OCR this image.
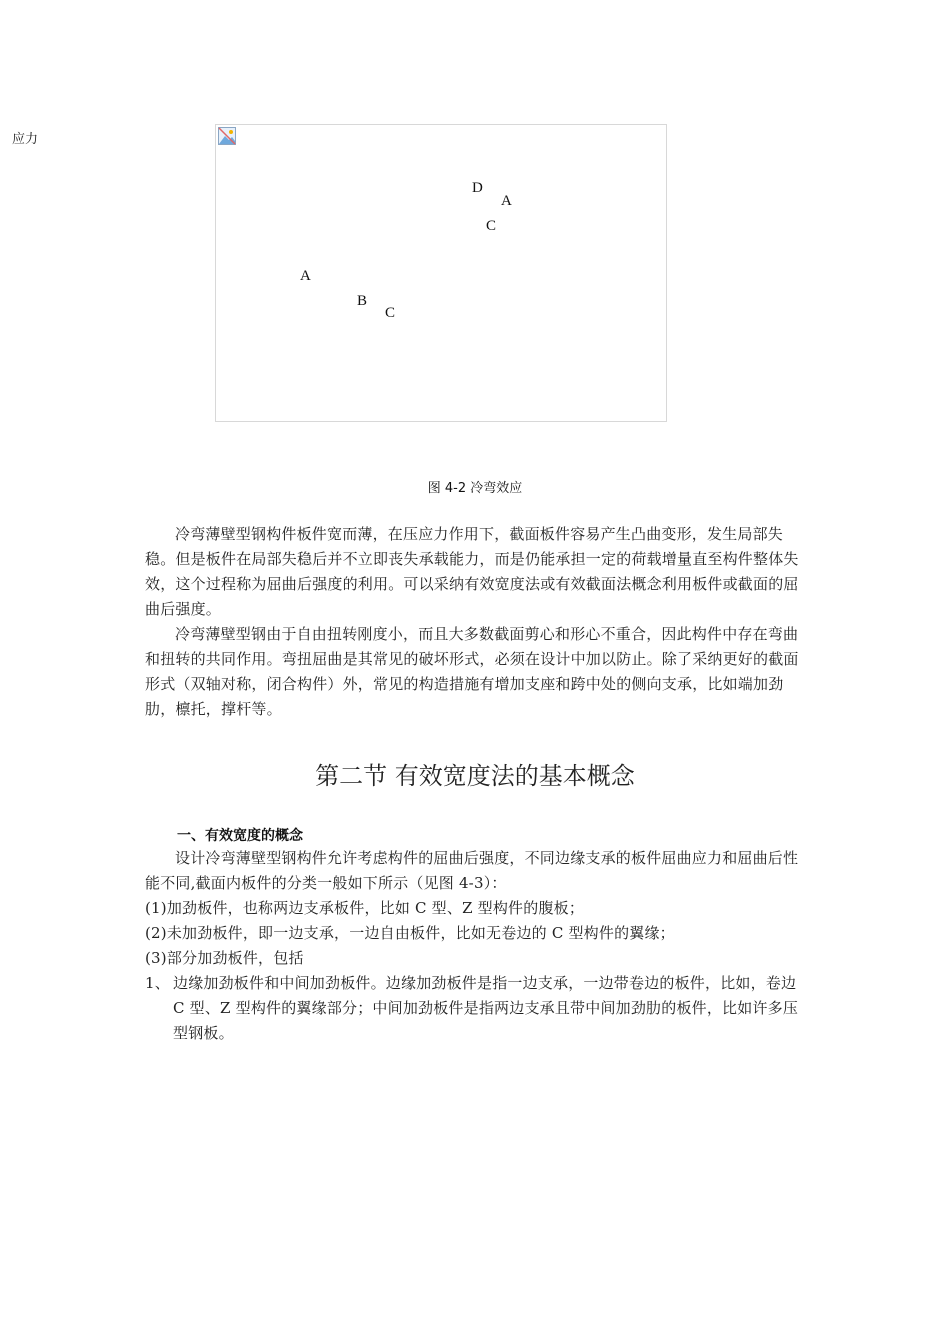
应力
D
A
C
A
B
C
图 4-2 冷弯效应

冷弯薄壁型钢构件板件宽而薄，在压应力作用下，截面板件容易产生凸曲变形，发生局部失稳。但是板件在局部失稳后并不立即丧失承载能力，而是仍能承担一定的荷载增量直至构件整体失效，这个过程称为屈曲后强度的利用。可以采纳有效宽度法或有效截面法概念利用板件或截面的屈曲后强度。

冷弯薄壁型钢由于自由扭转刚度小，而且大多数截面剪心和形心不重合，因此构件中存在弯曲和扭转的共同作用。弯扭屈曲是其常见的破坏形式，必须在设计中加以防止。除了采纳更好的截面形式（双轴对称，闭合构件）外，常见的构造措施有增加支座和跨中处的侧向支承，比如端加劲肋，檩托，撑杆等。

第二节 有效宽度法的基本概念
一、有效宽度的概念

设计冷弯薄壁型钢构件允许考虑构件的屈曲后强度，不同边缘支承的板件屈曲应力和屈曲后性能不同,截面内板件的分类一般如下所示（见图 4-3）：

(1)加劲板件，也称两边支承板件，比如 C 型、Z 型构件的腹板；
(2)未加劲板件，即一边支承，一边自由板件，比如无卷边的 C 型构件的翼缘；
(3)部分加劲板件，包括
1、 边缘加劲板件和中间加劲板件。边缘加劲板件是指一边支承，一边带卷边的板件，比如，卷边 C 型、Z 型构件的翼缘部分；中间加劲板件是指两边支承且带中间加劲肋的板件，比如许多压型钢板。
